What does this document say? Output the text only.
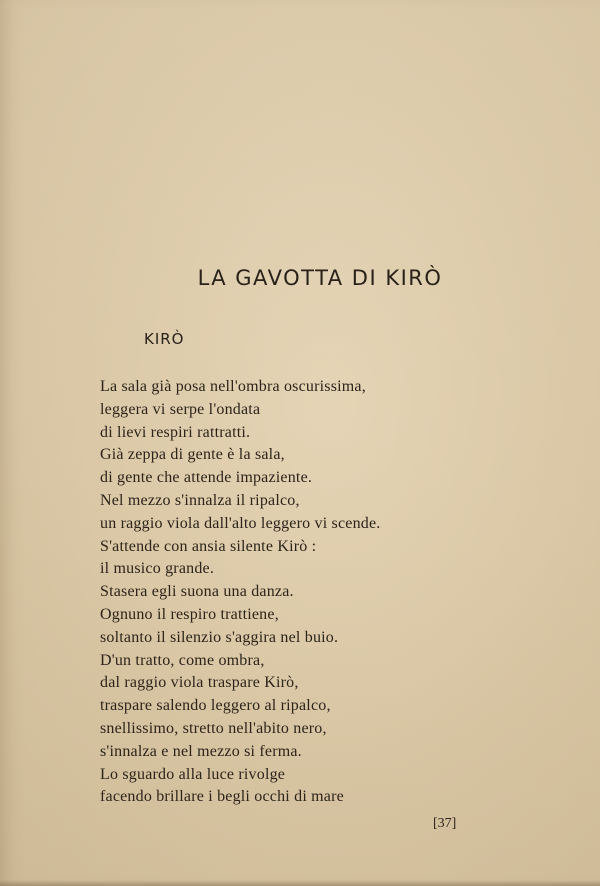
LA GAVOTTA DI KIRÒ
KIRÒ
La sala già posa nell'ombra oscurissima,
leggera vi serpe l'ondata
di lievi respiri rattratti.
Già zeppa di gente è la sala,
di gente che attende impaziente.
Nel mezzo s'innalza il ripalco,
un raggio viola dall'alto leggero vi scende.
S'attende con ansia silente Kirò :
il musico grande.
Stasera egli suona una danza.
Ognuno il respiro trattiene,
soltanto il silenzio s'aggira nel buio.
D'un tratto, come ombra,
dal raggio viola traspare Kirò,
traspare salendo leggero al ripalco,
snellissimo, stretto nell'abito nero,
s'innalza e nel mezzo si ferma.
Lo sguardo alla luce rivolge
facendo brillare i begli occhi di mare
[37]
